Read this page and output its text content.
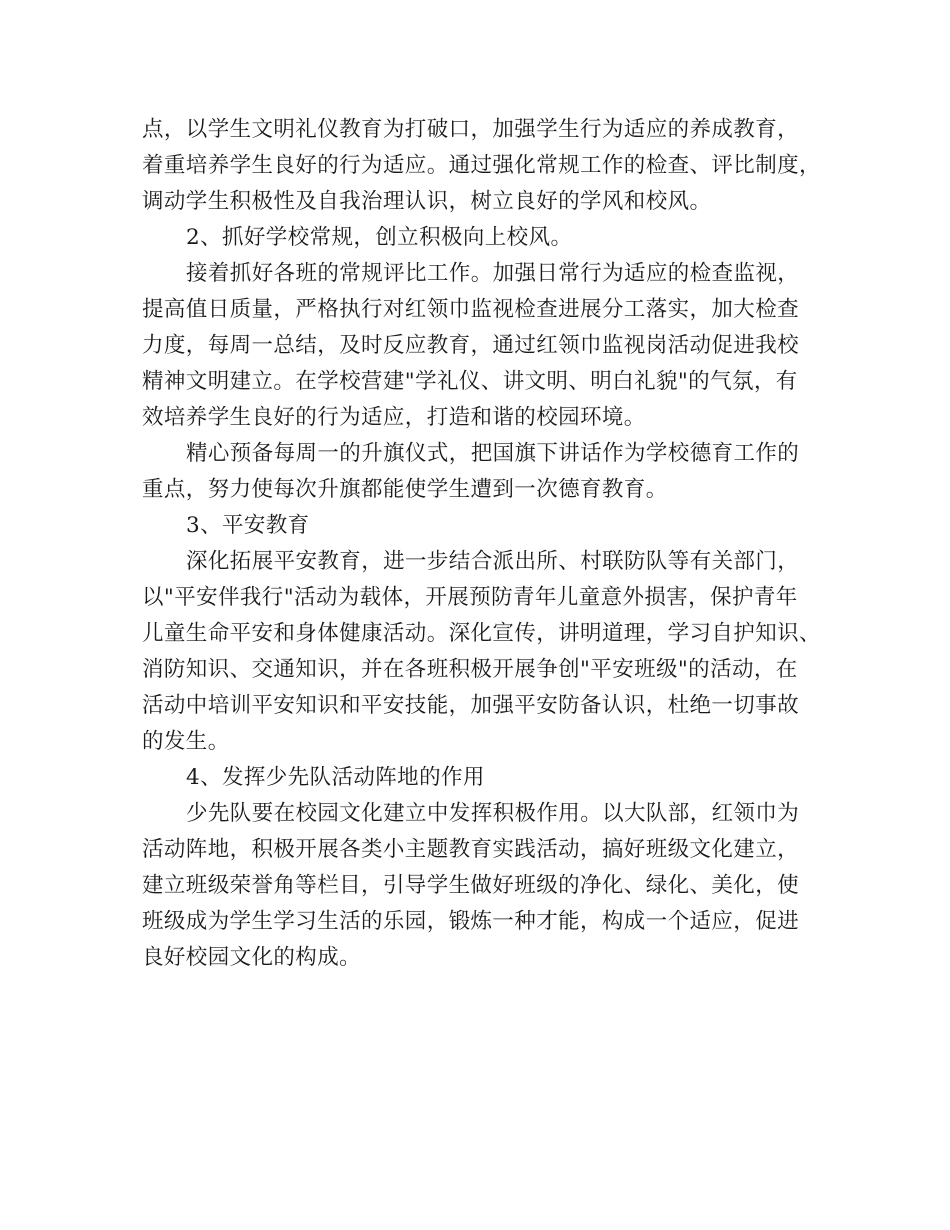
点，以学生文明礼仪教育为打破口，加强学生行为适应的养成教育，
着重培养学生良好的行为适应。通过强化常规工作的检查、评比制度，
调动学生积极性及自我治理认识，树立良好的学风和校风。
2、抓好学校常规，创立积极向上校风。
接着抓好各班的常规评比工作。加强日常行为适应的检查监视，
提高值日质量，严格执行对红领巾监视检查进展分工落实，加大检查
力度，每周一总结，及时反应教育，通过红领巾监视岗活动促进我校
精神文明建立。在学校营建"学礼仪、讲文明、明白礼貌"的气氛，有
效培养学生良好的行为适应，打造和谐的校园环境。
精心预备每周一的升旗仪式，把国旗下讲话作为学校德育工作的
重点，努力使每次升旗都能使学生遭到一次德育教育。
3、平安教育
深化拓展平安教育，进一步结合派出所、村联防队等有关部门，
以"平安伴我行"活动为载体，开展预防青年儿童意外损害，保护青年
儿童生命平安和身体健康活动。深化宣传，讲明道理，学习自护知识、
消防知识、交通知识，并在各班积极开展争创"平安班级"的活动，在
活动中培训平安知识和平安技能，加强平安防备认识，杜绝一切事故
的发生。
4、发挥少先队活动阵地的作用
少先队要在校园文化建立中发挥积极作用。以大队部，红领巾为
活动阵地，积极开展各类小主题教育实践活动，搞好班级文化建立，
建立班级荣誉角等栏目，引导学生做好班级的净化、绿化、美化，使
班级成为学生学习生活的乐园，锻炼一种才能，构成一个适应，促进
良好校园文化的构成。
